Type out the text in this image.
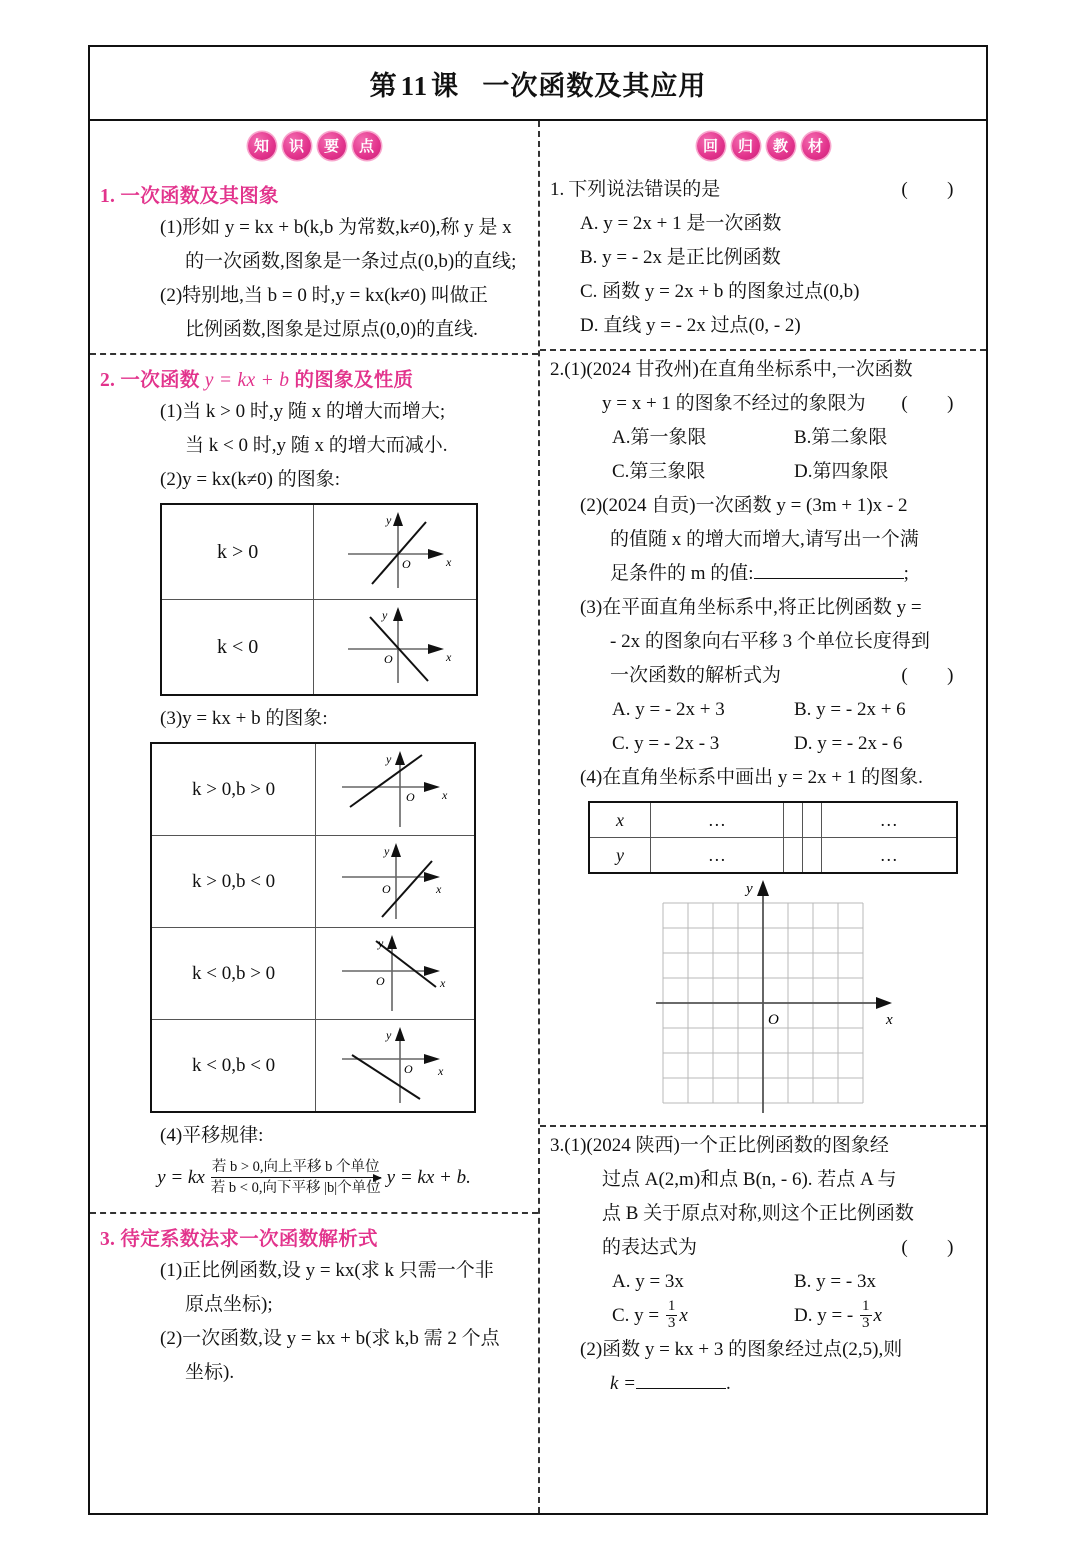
第 11 课 一次函数及其应用
知	识	要	点
1. 一次函数及其图象
(1)形如 y = kx + b(k,b 为常数,k≠0),称 y 是 x
的一次函数,图象是一条过点(0,b)的直线;
(2)特别地,当 b = 0 时,y = kx(k≠0) 叫做正
比例函数,图象是过原点(0,0)的直线.
2. 一次函数 y = kx + b 的图象及性质
(1)当 k > 0 时,y 随 x 的增大而增大;
当 k < 0 时,y 随 x 的增大而减小.
(2)y = kx(k≠0) 的图象:
k > 0	y
x
O

k < 0	y
x
O
(3)y = kx + b 的图象:
k > 0,b > 0	y
x
O

k > 0,b < 0	y
x
O

k < 0,b > 0	y
x
O

k < 0,b < 0	y
x
O
(4)平移规律:
y = kx 若 b > 0,向上平移 b 个单位
若 b < 0,向下平移 |b|个单位
y = kx + b.
3. 待定系数法求一次函数解析式
(1)正比例函数,设 y = kx(求 k 只需一个非
原点坐标);
(2)一次函数,设 y = kx + b(求 k,b 需 2 个点
坐标).
回	归	教	材
1. 下列说法错误的是	(　　)
A. y = 2x + 1 是一次函数
B. y = - 2x 是正比例函数
C. 函数 y = 2x + b 的图象过点(0,b)
D. 直线 y = - 2x 过点(0, - 2)
2.(1)(2024 甘孜州)在直角坐标系中,一次函数
y = x + 1 的图象不经过的象限为 (　　)
A.第一象限	B.第二象限
C.第三象限	D.第四象限
(2)(2024 自贡)一次函数 y = (3m + 1)x - 2
的值随 x 的增大而增大,请写出一个满
足条件的 m 的值:	;
(3)在平面直角坐标系中,将正比例函数 y =
- 2x 的图象向右平移 3 个单位长度得到
一次函数的解析式为	(　　)
A. y = - 2x + 3	B. y = - 2x + 6
C. y = - 2x - 3	D. y = - 2x - 6
(4)在直角坐标系中画出 y = 2x + 1 的图象.
x	…			…
y	…			…
y
x
O
3.(1)(2024 陕西)一个正比例函数的图象经
过点 A(2,m)和点 B(n, - 6). 若点 A 与
点 B 关于原点对称,则这个正比例函数
的表达式为	(　　)
A. y = 3x	B. y = - 3x
C. $y = \frac{1}{3}$ x	D. y = - $\frac{1}{3}$ x
(2)函数 y = kx + 3 的图象经过点(2,5),则
k =	.
